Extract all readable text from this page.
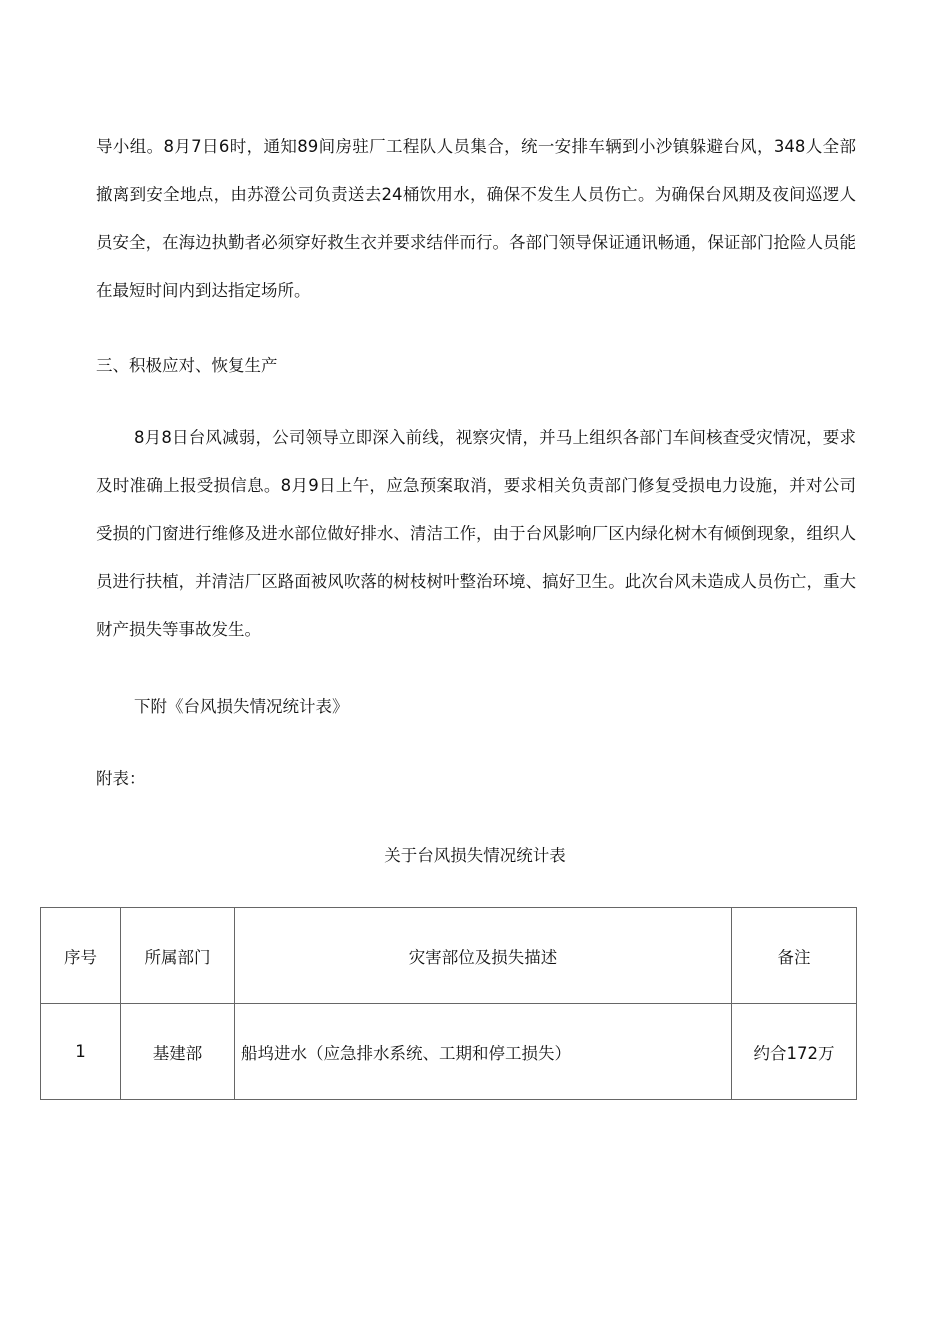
导小组。8月7日6时，通知89间房驻厂工程队人员集合，统一安排车辆到小沙镇躲避台风，348人全部撤离到安全地点，由苏澄公司负责送去24桶饮用水，确保不发生人员伤亡。为确保台风期及夜间巡逻人员安全，在海边执勤者必须穿好救生衣并要求结伴而行。各部门领导保证通讯畅通，保证部门抢险人员能在最短时间内到达指定场所。

三、积极应对、恢复生产

8月8日台风减弱，公司领导立即深入前线，视察灾情，并马上组织各部门车间核查受灾情况，要求及时准确上报受损信息。8月9日上午，应急预案取消，要求相关负责部门修复受损电力设施，并对公司受损的门窗进行维修及进水部位做好排水、清洁工作，由于台风影响厂区内绿化树木有倾倒现象，组织人员进行扶植，并清洁厂区路面被风吹落的树枝树叶整治环境、搞好卫生。此次台风未造成人员伤亡，重大财产损失等事故发生。

下附《台风损失情况统计表》

附表：

关于台风损失情况统计表

序号	所属部门	灾害部位及损失描述	备注
1	基建部	船坞进水（应急排水系统、工期和停工损失）	约合172万
